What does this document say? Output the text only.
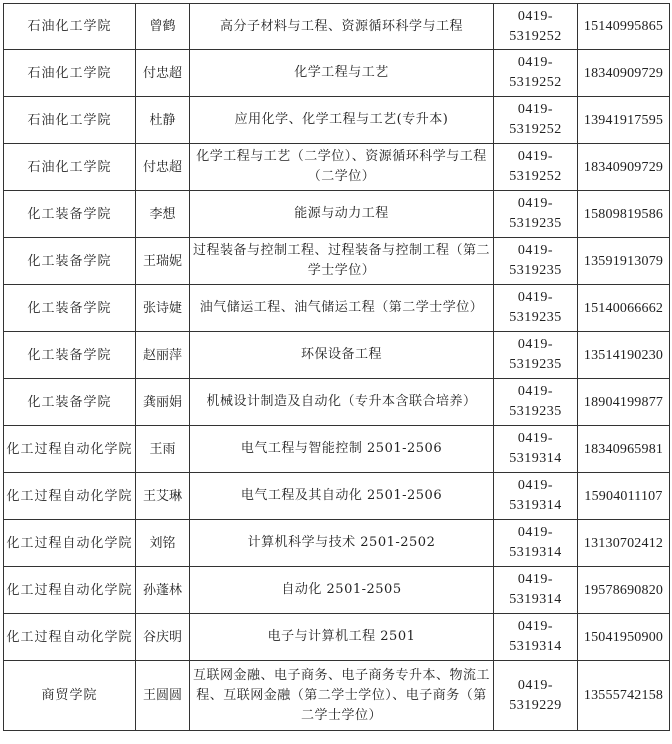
石油化工学院	曾鹤	高分子材料与工程、资源循环科学与工程	0419-5319252	15140995865
石油化工学院	付忠超	化学工程与工艺	0419-5319252	18340909729
石油化工学院	杜静	应用化学、化学工程与工艺(专升本)	0419-5319252	13941917595
石油化工学院	付忠超	化学工程与工艺（二学位）、资源循环科学与工程（二学位）	0419-5319252	18340909729
化工装备学院	李想	能源与动力工程	0419-5319235	15809819586
化工装备学院	王瑞妮	过程装备与控制工程、过程装备与控制工程（第二学士学位）	0419-5319235	13591913079
化工装备学院	张诗婕	油气储运工程、油气储运工程（第二学士学位）	0419-5319235	15140066662
化工装备学院	赵丽萍	环保设备工程	0419-5319235	13514190230
化工装备学院	龚丽娟	机械设计制造及自动化（专升本含联合培养）	0419-5319235	18904199877
化工过程自动化学院	王雨	电气工程与智能控制 2501-2506	0419-5319314	18340965981
化工过程自动化学院	王艾琳	电气工程及其自动化 2501-2506	0419-5319314	15904011107
化工过程自动化学院	刘铭	计算机科学与技术 2501-2502	0419-5319314	13130702412
化工过程自动化学院	孙蓬林	自动化 2501-2505	0419-5319314	19578690820
化工过程自动化学院	谷庆明	电子与计算机工程 2501	0419-5319314	15041950900
商贸学院	王圆圆	互联网金融、电子商务、电子商务专升本、物流工程、互联网金融（第二学士学位）、电子商务（第二学士学位）	0419-5319229	13555742158
